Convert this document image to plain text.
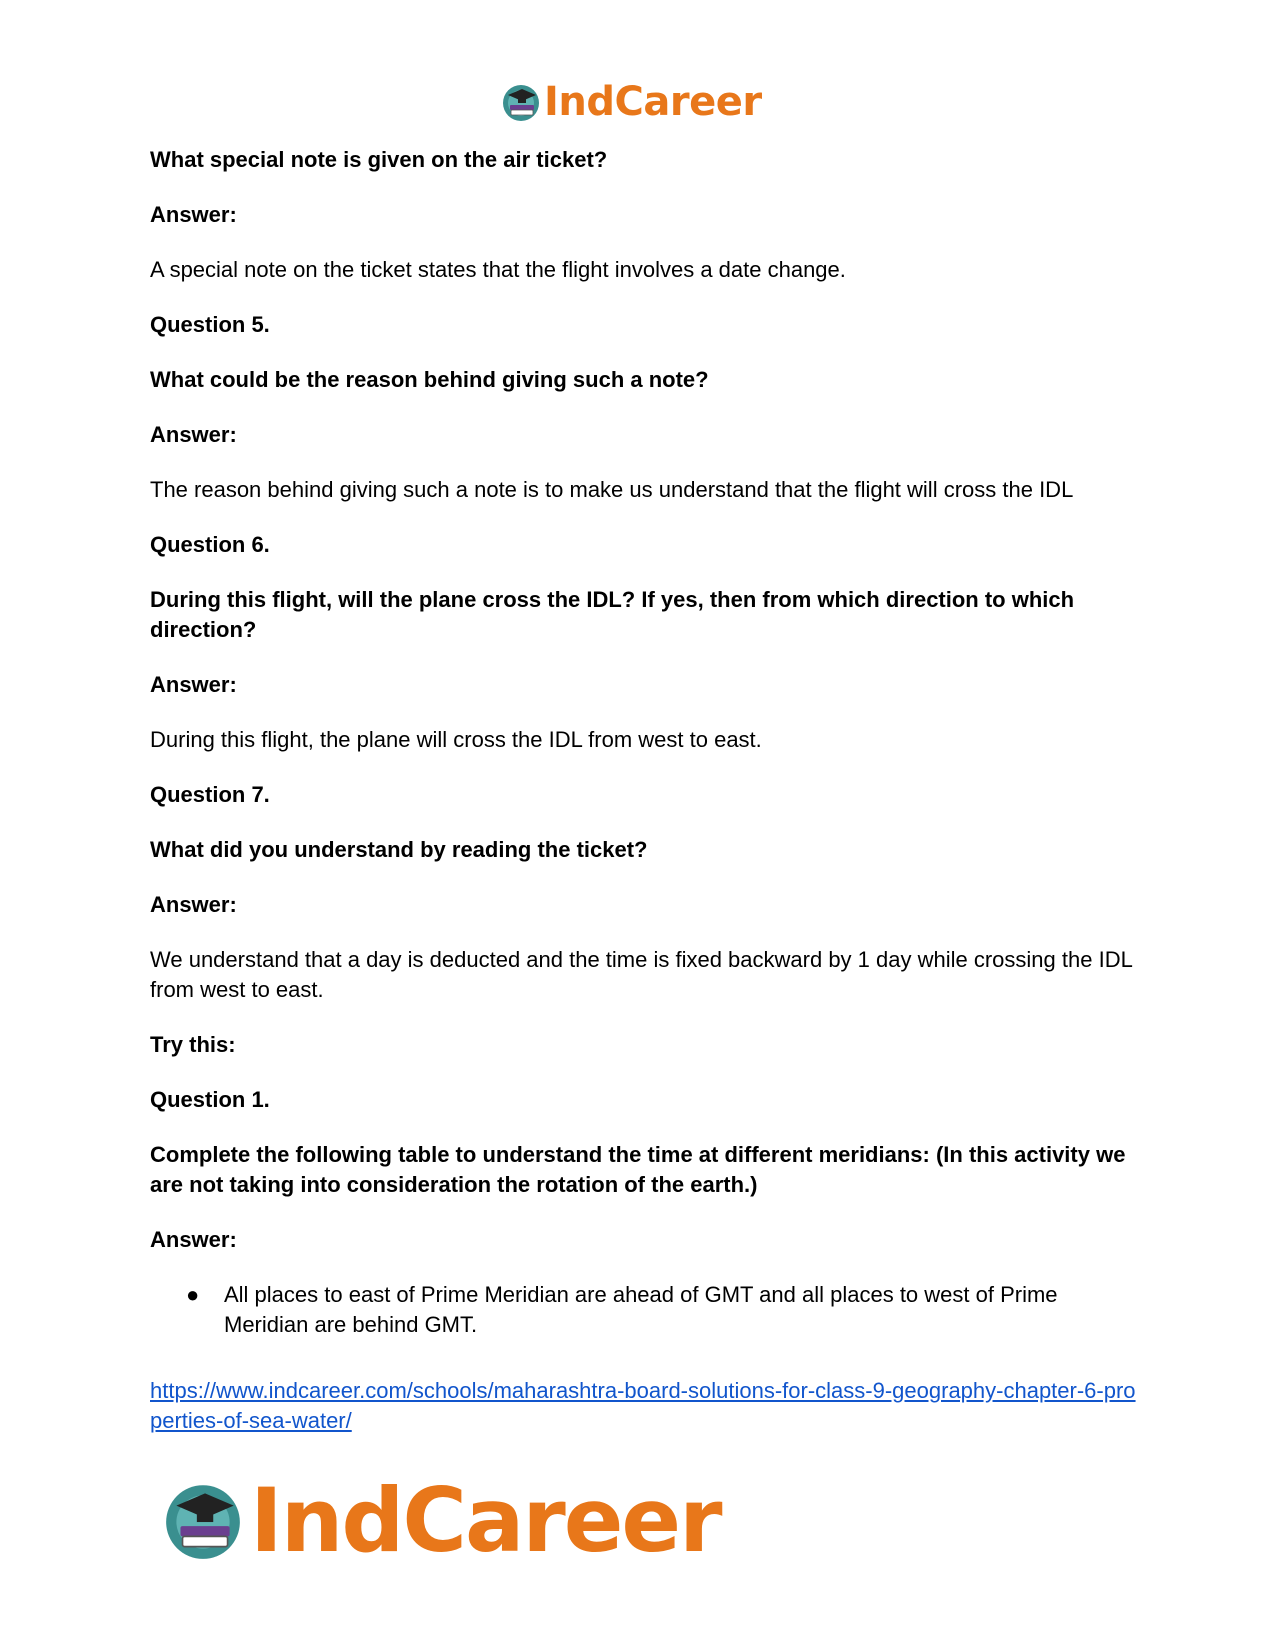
IndCareer
What special note is given on the air ticket?
Answer:
A special note on the ticket states that the flight involves a date change.
Question 5.
What could be the reason behind giving such a note?
Answer:
The reason behind giving such a note is to make us understand that the flight will cross the IDL
Question 6.
During this flight, will the plane cross the IDL? If yes, then from which direction to which direction?
Answer:
During this flight, the plane will cross the IDL from west to east.
Question 7.
What did you understand by reading the ticket?
Answer:
We understand that a day is deducted and the time is fixed backward by 1 day while crossing the IDL from west to east.
Try this:
Question 1.
Complete the following table to understand the time at different meridians: (In this activity we are not taking into consideration the rotation of the earth.)
Answer:
● All places to east of Prime Meridian are ahead of GMT and all places to west of Prime Meridian are behind GMT.
https://www.indcareer.com/schools/maharashtra-board-solutions-for-class-9-geography-chapter-6-properties-of-sea-water/
IndCareer
